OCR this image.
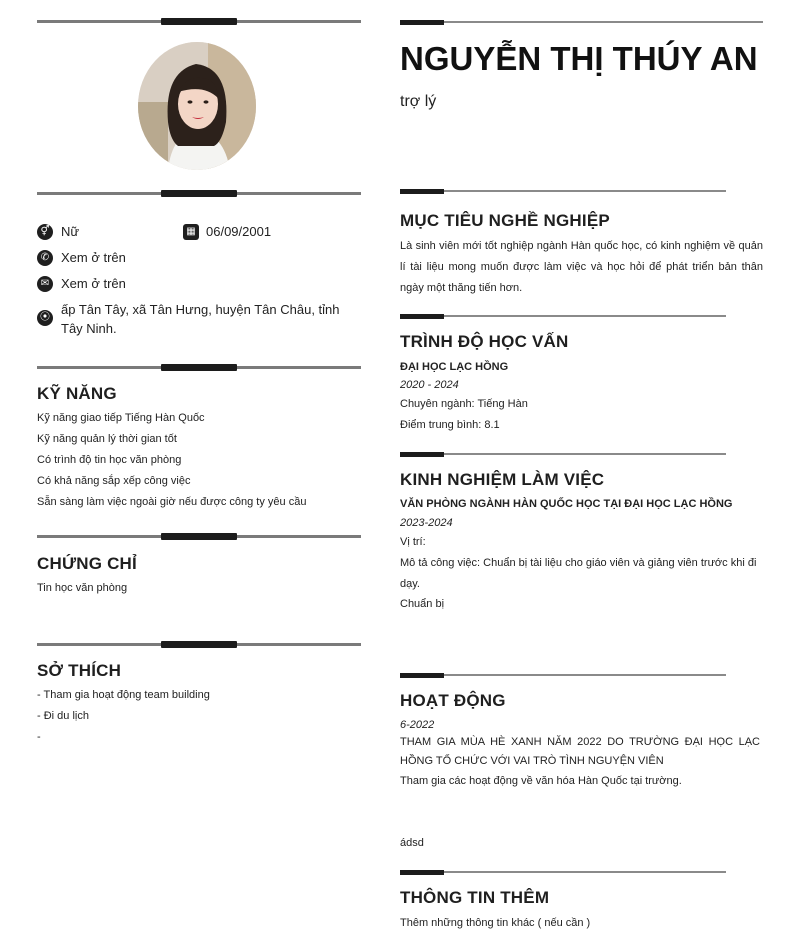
⚥ Nữ	▦ 06/09/2001
✆ Xem ở trên
✉ Xem ở trên
⦿
ấp Tân Tây, xã Tân Hưng, huyện Tân Châu, tỉnh Tây Ninh.
KỸ NĂNG
Kỹ năng giao tiếp Tiếng Hàn Quốc
Kỹ năng quản lý thời gian tốt
Có trình độ tin học văn phòng
Có khả năng sắp xếp công việc
Sẵn sàng làm việc ngoài giờ nếu được công ty yêu cầu
CHỨNG CHỈ
Tin học văn phòng
SỞ THÍCH
- Tham gia hoạt động team building
- Đi du lịch
-
NGUYỄN THỊ THÚY AN
trợ lý
MỤC TIÊU NGHỀ NGHIỆP
Là sinh viên mới tốt nghiệp ngành Hàn quốc học, có kinh nghiệm về quản lí tài liệu mong muốn được làm việc và học hỏi để phát triển bản thân ngày một thăng tiến hơn.
TRÌNH ĐỘ HỌC VẤN
ĐẠI HỌC LẠC HỒNG
2020 - 2024
Chuyên ngành: Tiếng Hàn
Điểm trung bình: 8.1
KINH NGHIỆM LÀM VIỆC
VĂN PHÒNG NGÀNH HÀN QUỐC HỌC TẠI ĐẠI HỌC LẠC HỒNG
2023-2024
Vị trí:
Mô tả công việc: Chuẩn bị tài liệu cho giáo viên và giảng viên trước khi đi dạy.
Chuẩn bị
HOẠT ĐỘNG
6-2022
THAM GIA MÙA HÈ XANH NĂM 2022 DO TRƯỜNG ĐẠI HỌC LẠC HỒNG TỔ CHỨC VỚI VAI TRÒ TÌNH NGUYỆN VIÊN
Tham gia các hoạt động về văn hóa Hàn Quốc tại trường.
ádsd
THÔNG TIN THÊM
Thêm những thông tin khác ( nếu cần )
